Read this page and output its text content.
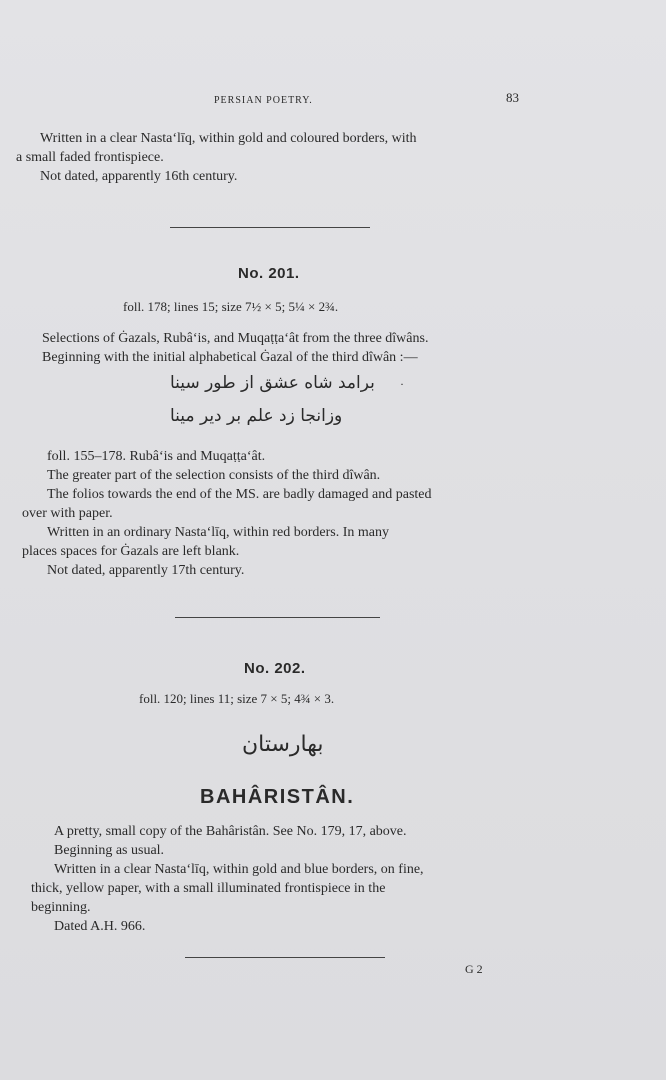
PERSIAN POETRY.	83
Written in a clear Nasta‘līq, within gold and coloured borders, with
a small faded frontispiece.
Not dated, apparently 16th century.
No. 201.
foll. 178; lines 15; size 7½ × 5; 5¼ × 2¾.
Selections of Ġazals, Rubâ‘is, and Muqaṭṭa‘ât from the three dîwâns.
Beginning with the initial alphabetical Ġazal of the third dîwân :—
برامد شاه عشق از طور سینا ·
وزانجا زد علم بر دیر مینا
foll. 155–178. Rubâ‘is and Muqaṭṭa‘ât.
The greater part of the selection consists of the third dîwân.
The folios towards the end of the MS. are badly damaged and pasted
over with paper.
Written in an ordinary Nasta‘līq, within red borders. In many
places spaces for Ġazals are left blank.
Not dated, apparently 17th century.
No. 202.
foll. 120; lines 11; size 7 × 5; 4¾ × 3.
بهارستان
BAHÂRISTÂN.
A pretty, small copy of the Bahâristân. See No. 179, 17, above.
Beginning as usual.
Written in a clear Nasta‘līq, within gold and blue borders, on fine,
thick, yellow paper, with a small illuminated frontispiece in the
beginning.
Dated A.H. 966.
G 2
